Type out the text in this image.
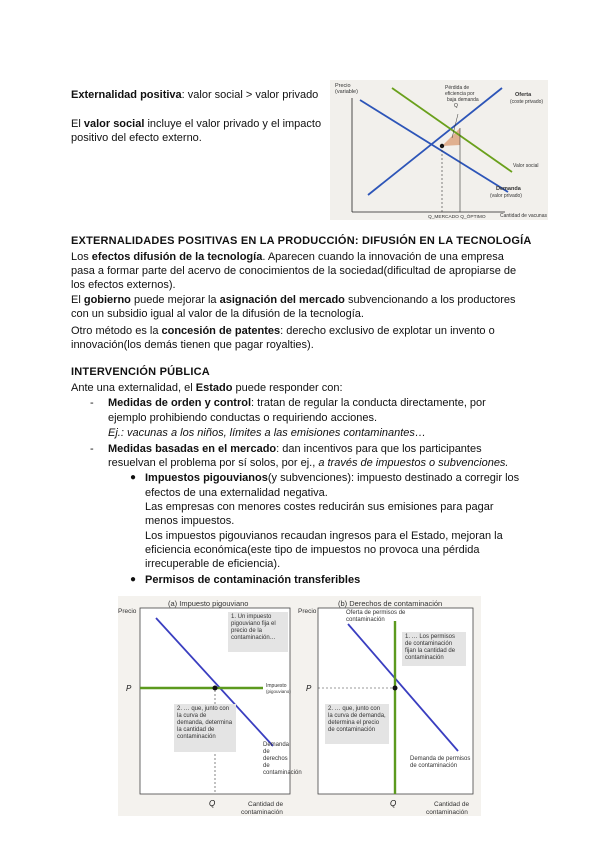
Externalidad positiva: valor social > valor privado
El valor social incluye el valor privado y el impacto
positivo del efecto externo.
Precio
(variable)
Pérdida de
eficiencia por
baja demanda
Q
Oferta
(coste privado)
Valor social
Demanda
(valor privado)
Q_MERCADO Q_ÓPTIMO	Cantidad de vacunas
EXTERNALIDADES POSITIVAS EN LA PRODUCCIÓN: DIFUSIÓN EN LA TECNOLOGÍA
Los efectos difusión de la tecnología. Aparecen cuando la innovación de una empresa
pasa a formar parte del acervo de conocimientos de la sociedad(dificultad de apropiarse de
los efectos externos).
El gobierno puede mejorar la asignación del mercado subvencionando a los productores
con un subsidio igual al valor de la difusión de la tecnología.
Otro método es la concesión de patentes: derecho exclusivo de explotar un invento o
innovación(los demás tienen que pagar royalties).
INTERVENCIÓN PÚBLICA
Ante una externalidad, el Estado puede responder con:
- Medidas de orden y control: tratan de regular la conducta directamente, por
ejemplo prohibiendo conductas o requiriendo acciones.
Ej.: vacunas a los niños, límites a las emisiones contaminantes…
- Medidas basadas en el mercado: dan incentivos para que los participantes
resuelvan el problema por sí solos, por ej., a través de impuestos o subvenciones.
● Impuestos pigouvianos(y subvenciones): impuesto destinado a corregir los
efectos de una externalidad negativa.
Las empresas con menores costes reducirán sus emisiones para pagar
menos impuestos.
Los impuestos pigouvianos recaudan ingresos para el Estado, mejoran la
eficiencia económica(este tipo de impuestos no provoca una pérdida
irrecuperable de eficiencia).
● Permisos de contaminación transferibles
(a) Impuesto pigouviano
Precio
P
Q
Impuesto
(pigouviano)
Cantidad de
contaminación
(b) Derechos de contaminación
Precio
P
Q	Cantidad de
contaminación
1. Un impuesto pigouviano fija el precio de la contaminación…
2. … que, junto con la curva de demanda, determina la cantidad de contaminación
Demanda de derechos de contaminación
Oferta de permisos de contaminación
1. … Los permisos de contaminación fijan la cantidad de contaminación
2. … que, junto con la curva de demanda, determina el precio de contaminación
Demanda de permisos de contaminación
